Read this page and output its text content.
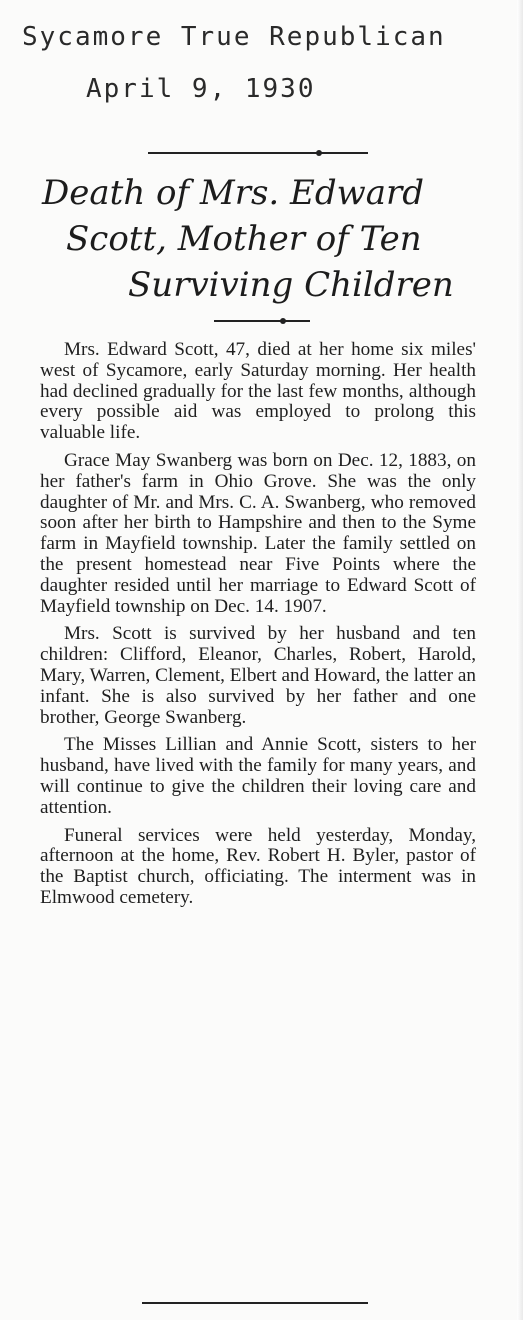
Sycamore True Republican
April 9, 1930
Death of Mrs. Edward
Scott, Mother of Ten
Surviving Children

Mrs. Edward Scott, 47, died at her home six miles' west of Sycamore, early Saturday morning. Her health had declined gradually for the last few months, although every possible aid was employed to prolong this valuable life.

Grace May Swanberg was born on Dec. 12, 1883, on her father's farm in Ohio Grove. She was the only daughter of Mr. and Mrs. C. A. Swanberg, who removed soon after her birth to Hampshire and then to the Syme farm in Mayfield township. Later the family settled on the present homestead near Five Points where the daughter resided until her marriage to Edward Scott of Mayfield township on Dec. 14. 1907.

Mrs. Scott is survived by her husband and ten children: Clifford, Eleanor, Charles, Robert, Harold, Mary, Warren, Clement, Elbert and Howard, the latter an infant. She is also survived by her father and one brother, George Swanberg.

The Misses Lillian and Annie Scott, sisters to her husband, have lived with the family for many years, and will continue to give the children their loving care and attention.

Funeral services were held yesterday, Monday, afternoon at the home, Rev. Robert H. Byler, pastor of the Baptist church, officiating. The interment was in Elmwood cemetery.
